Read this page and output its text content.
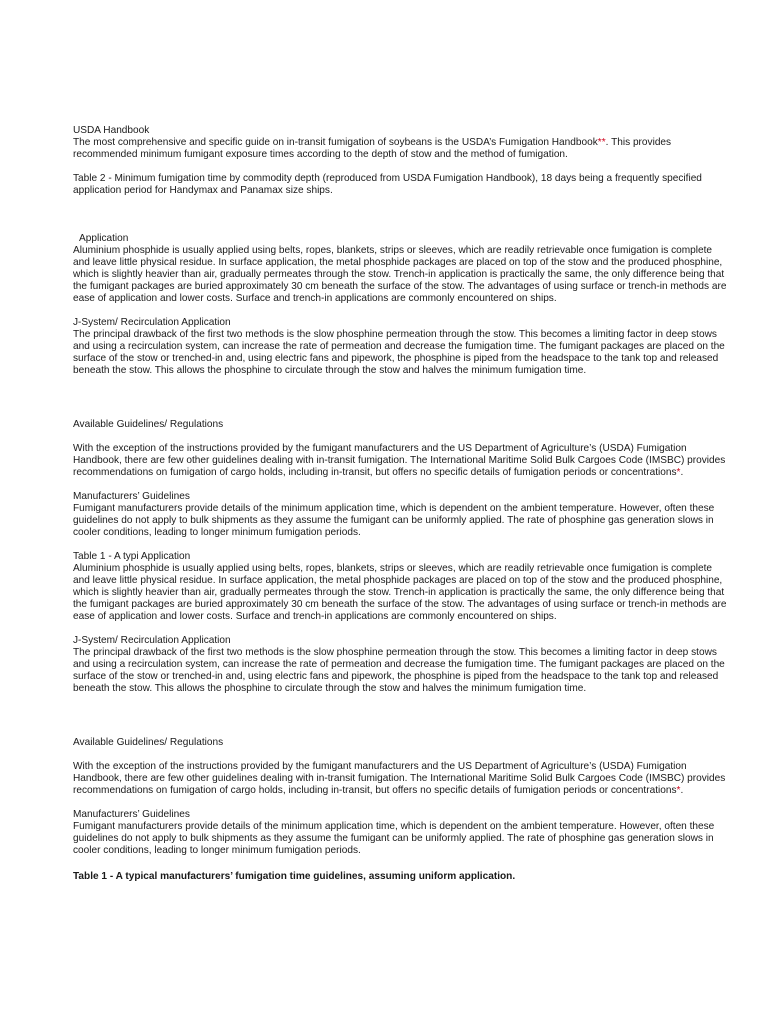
USDA Handbook

The most comprehensive and specific guide on in-transit fumigation of soybeans is the USDA’s Fumigation Handbook**. This provides recommended minimum fumigant exposure times according to the depth of stow and the method of fumigation.

Table 2 - Minimum fumigation time by commodity depth (reproduced from USDA Fumigation Handbook), 18 days being a frequently specified application period for Handymax and Panamax size ships.

Application

Aluminium phosphide is usually applied using belts, ropes, blankets, strips or sleeves, which are readily retrievable once fumigation is complete and leave little physical residue. In surface application, the metal phosphide packages are placed on top of the stow and the produced phosphine, which is slightly heavier than air, gradually permeates through the stow. Trench-in application is practically the same, the only difference being that the fumigant packages are buried approximately 30 cm beneath the surface of the stow. The advantages of using surface or trench-in methods are ease of application and lower costs. Surface and trench-in applications are commonly encountered on ships.

J-System/ Recirculation Application

The principal drawback of the first two methods is the slow phosphine permeation through the stow. This becomes a limiting factor in deep stows and using a recirculation system, can increase the rate of permeation and decrease the fumigation time. The fumigant packages are placed on the surface of the stow or trenched-in and, using electric fans and pipework, the phosphine is piped from the headspace to the tank top and released beneath the stow. This allows the phosphine to circulate through the stow and halves the minimum fumigation time.

Available Guidelines/ Regulations

With the exception of the instructions provided by the fumigant manufacturers and the US Department of Agriculture’s (USDA) Fumigation Handbook, there are few other guidelines dealing with in-transit fumigation. The International Maritime Solid Bulk Cargoes Code (IMSBC) provides recommendations on fumigation of cargo holds, including in-transit, but offers no specific details of fumigation periods or concentrations*.

Manufacturers’ Guidelines

Fumigant manufacturers provide details of the minimum application time, which is dependent on the ambient temperature. However, often these guidelines do not apply to bulk shipments as they assume the fumigant can be uniformly applied. The rate of phosphine gas generation slows in cooler conditions, leading to longer minimum fumigation periods.

Table 1 - A typi Application

Aluminium phosphide is usually applied using belts, ropes, blankets, strips or sleeves, which are readily retrievable once fumigation is complete and leave little physical residue. In surface application, the metal phosphide packages are placed on top of the stow and the produced phosphine, which is slightly heavier than air, gradually permeates through the stow. Trench-in application is practically the same, the only difference being that the fumigant packages are buried approximately 30 cm beneath the surface of the stow. The advantages of using surface or trench-in methods are ease of application and lower costs. Surface and trench-in applications are commonly encountered on ships.

J-System/ Recirculation Application

The principal drawback of the first two methods is the slow phosphine permeation through the stow. This becomes a limiting factor in deep stows and using a recirculation system, can increase the rate of permeation and decrease the fumigation time. The fumigant packages are placed on the surface of the stow or trenched-in and, using electric fans and pipework, the phosphine is piped from the headspace to the tank top and released beneath the stow. This allows the phosphine to circulate through the stow and halves the minimum fumigation time.

Available Guidelines/ Regulations

With the exception of the instructions provided by the fumigant manufacturers and the US Department of Agriculture’s (USDA) Fumigation Handbook, there are few other guidelines dealing with in-transit fumigation. The International Maritime Solid Bulk Cargoes Code (IMSBC) provides recommendations on fumigation of cargo holds, including in-transit, but offers no specific details of fumigation periods or concentrations*.

Manufacturers’ Guidelines

Fumigant manufacturers provide details of the minimum application time, which is dependent on the ambient temperature. However, often these guidelines do not apply to bulk shipments as they assume the fumigant can be uniformly applied. The rate of phosphine gas generation slows in cooler conditions, leading to longer minimum fumigation periods.

Table 1 - A typical manufacturers’ fumigation time guidelines, assuming uniform application.
